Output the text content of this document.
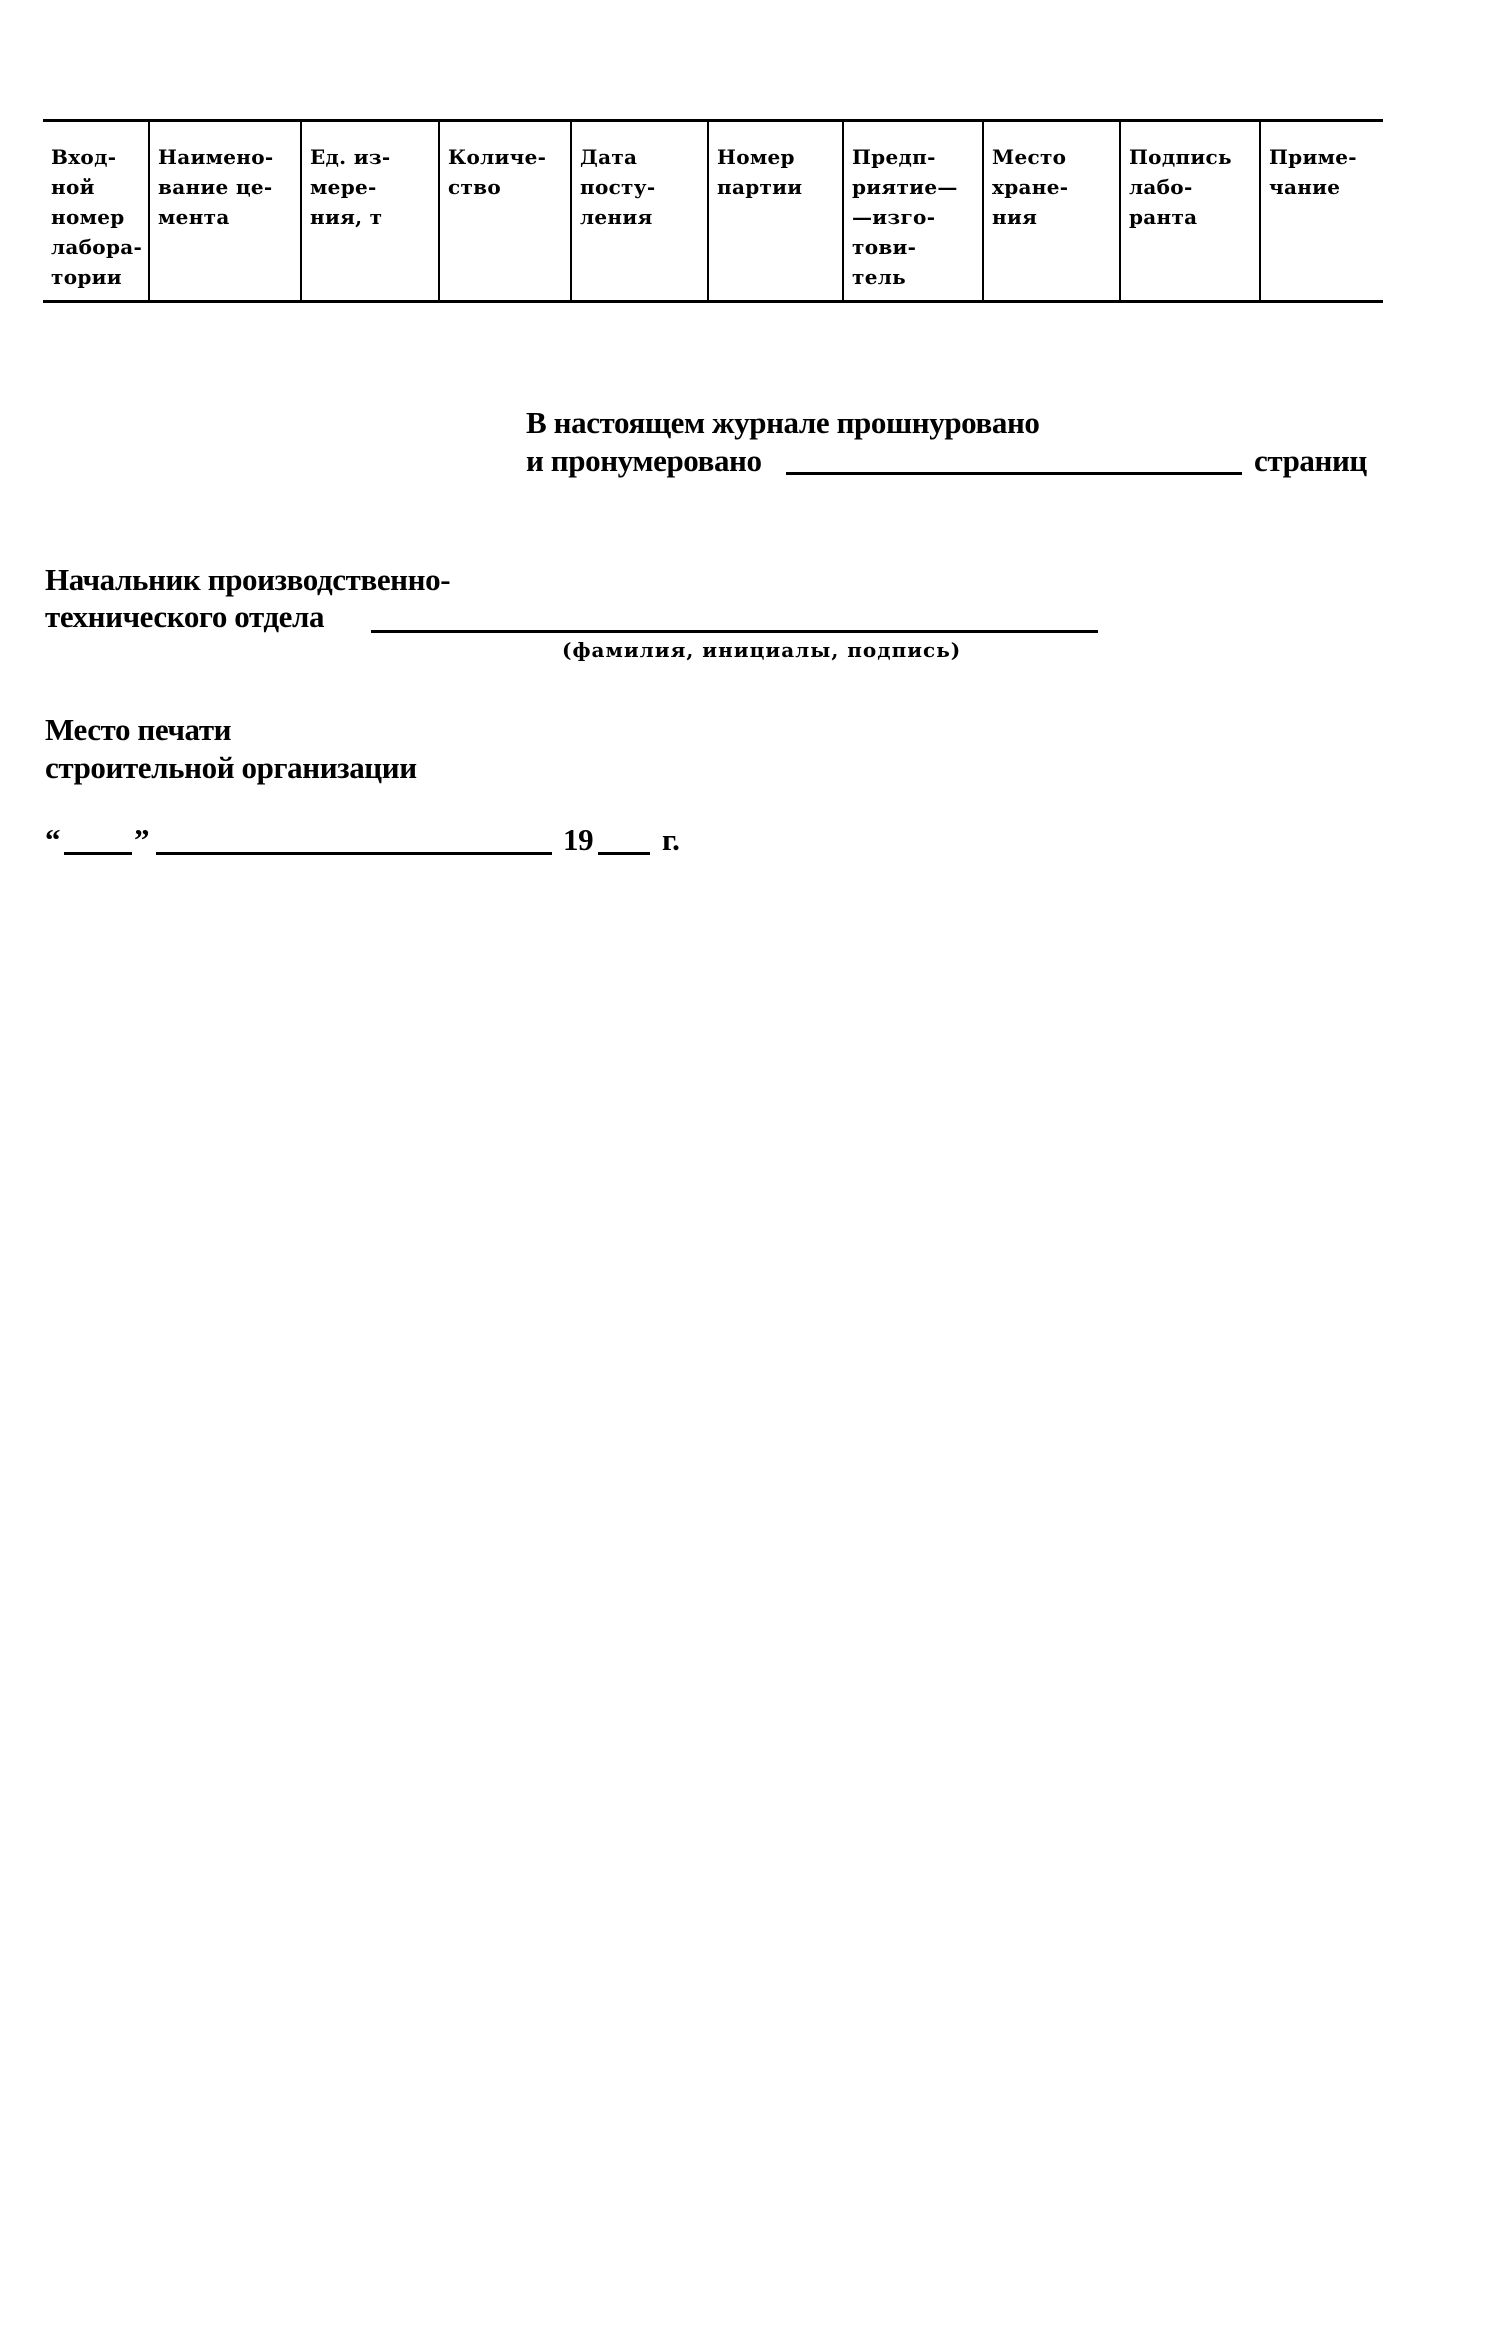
Вход-
ной
номер
лабора-
тории
Наимено-
вание це-
мента
Ед. из-
мере-
ния, т
Количе-
ство
Дата
посту-
ления
Номер
партии
Предп-
риятие—
—изго-
тови-
тель
Место
хране-
ния
Подпись
лабо-
ранта
Приме-
чание
В настоящем журнале прошнуровано
и пронумеровано	страниц
Начальник производственно-
технического отдела
(фамилия, инициалы, подпись)
Место печати
строительной организации
“ ”	19 г.
